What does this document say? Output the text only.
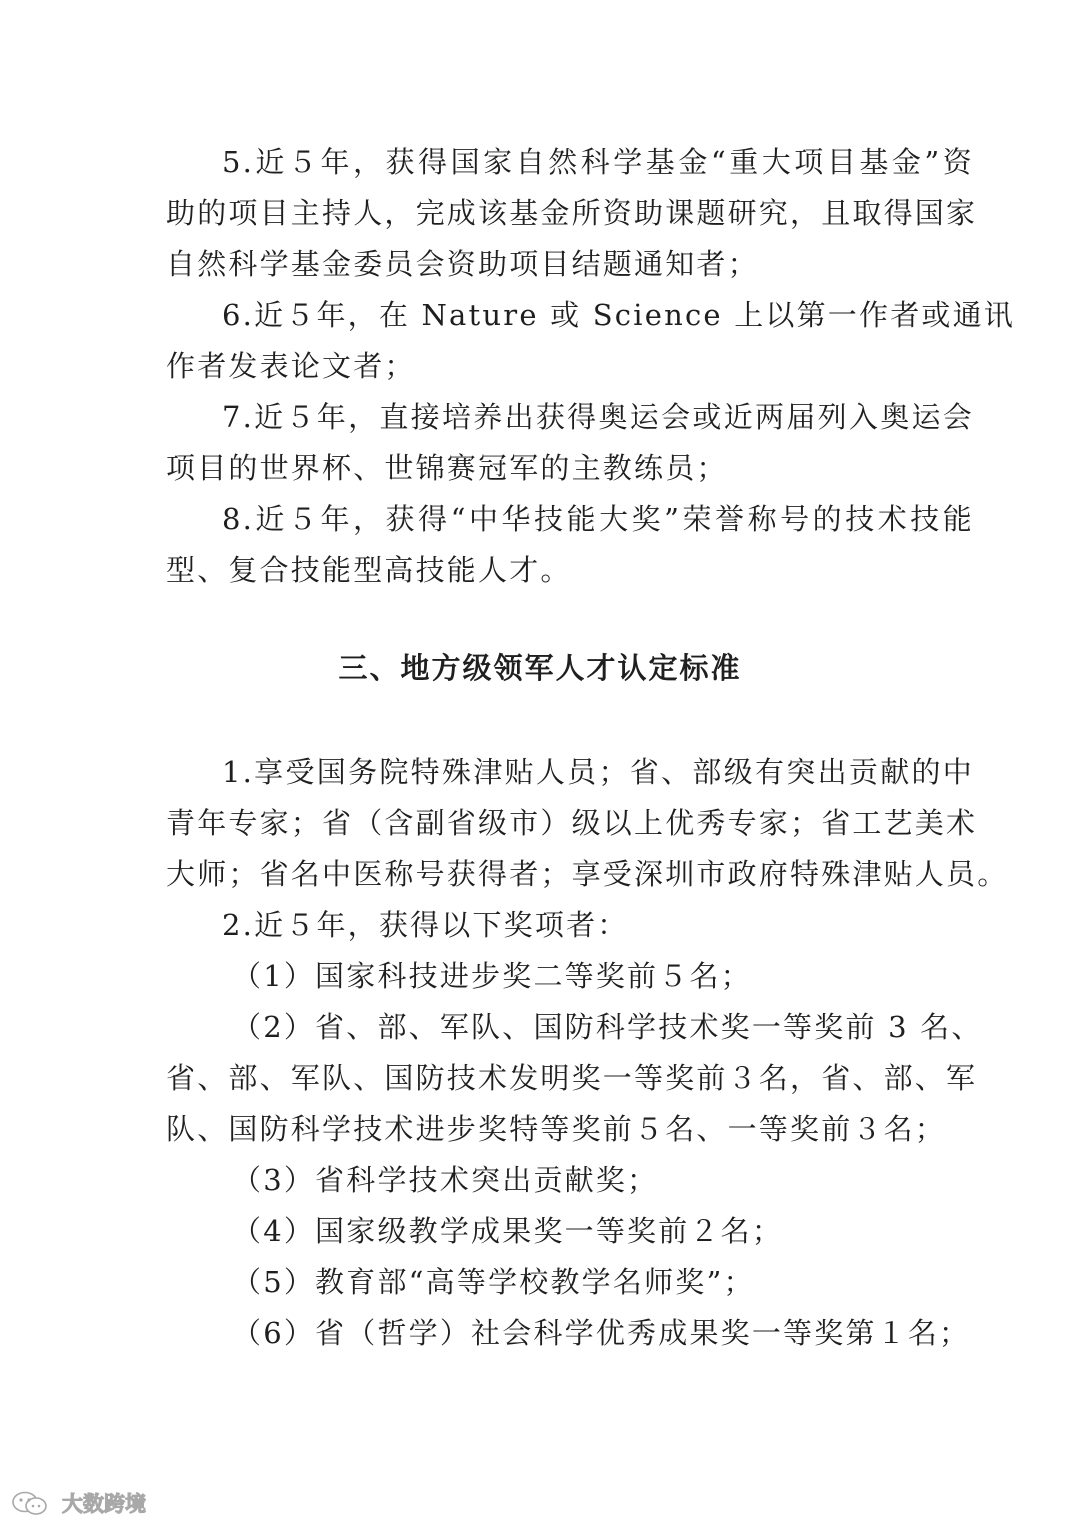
5.近５年，获得国家自然科学基金“重大项目基金”资
助的项目主持人，完成该基金所资助课题研究，且取得国家
自然科学基金委员会资助项目结题通知者；
6.近５年，在 Nature 或 Science 上以第一作者或通讯
作者发表论文者；
7.近５年，直接培养出获得奥运会或近两届列入奥运会
项目的世界杯、世锦赛冠军的主教练员；
8.近５年，获得“中华技能大奖”荣誉称号的技术技能
型、复合技能型高技能人才。
三、地方级领军人才认定标准
1.享受国务院特殊津贴人员；省、部级有突出贡献的中
青年专家；省（含副省级市）级以上优秀专家；省工艺美术
大师；省名中医称号获得者；享受深圳市政府特殊津贴人员。
2.近５年，获得以下奖项者：
（1）国家科技进步奖二等奖前５名；
（2）省、部、军队、国防科学技术奖一等奖前 3 名、
省、部、军队、国防技术发明奖一等奖前３名，省、部、军
队、国防科学技术进步奖特等奖前５名、一等奖前３名；
（3）省科学技术突出贡献奖；
（4）国家级教学成果奖一等奖前２名；
（5）教育部“高等学校教学名师奖”；
（6）省（哲学）社会科学优秀成果奖一等奖第１名；
大数跨境
